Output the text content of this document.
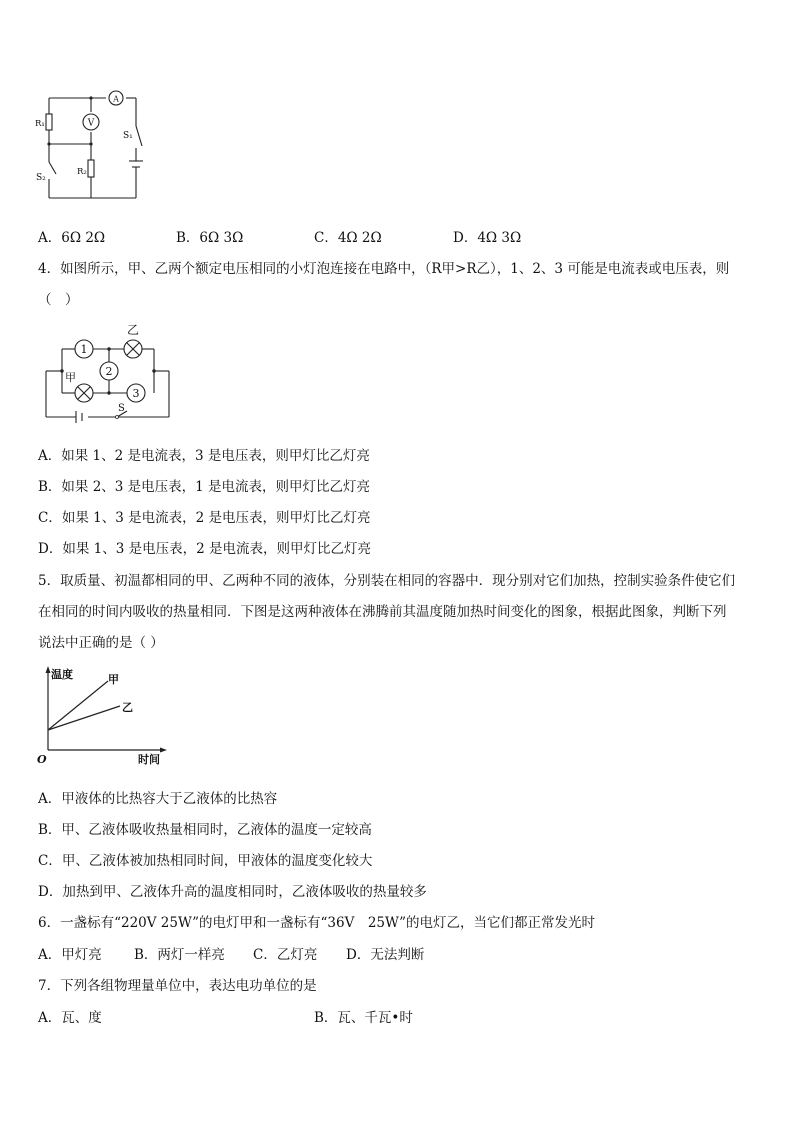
A
V
R₁
R₂
S₁
S₂
A．6Ω 2Ω	B．6Ω 3Ω	C．4Ω 2Ω	D．4Ω 3Ω
4．如图所示，甲、乙两个额定电压相同的小灯泡连接在电路中，（R甲>R乙），1、2、3 可能是电流表或电压表，则
（　）
1
2
3
乙
甲
S
A．如果 1、2 是电流表，3 是电压表，则甲灯比乙灯亮
B．如果 2、3 是电压表，1 是电流表，则甲灯比乙灯亮
C．如果 1、3 是电流表，2 是电压表，则甲灯比乙灯亮
D．如果 1、3 是电压表，2 是电流表，则甲灯比乙灯亮
5．取质量、初温都相同的甲、乙两种不同的液体，分别装在相同的容器中．现分别对它们加热，控制实验条件使它们
在相同的时间内吸收的热量相同．下图是这两种液体在沸腾前其温度随加热时间变化的图象，根据此图象，判断下列
说法中正确的是（ ）
温度
时间
O
甲
乙
A．甲液体的比热容大于乙液体的比热容
B．甲、乙液体吸收热量相同时，乙液体的温度一定较高
C．甲、乙液体被加热相同时间，甲液体的温度变化较大
D．加热到甲、乙液体升高的温度相同时，乙液体吸收的热量较多
6．一盏标有“220V 25W”的电灯甲和一盏标有“36V　25W”的电灯乙，当它们都正常发光时
A．甲灯亮 B．两灯一样亮 C．乙灯亮 D．无法判断
7．下列各组物理量单位中，表达电功单位的是
A．瓦、度	B．瓦、千瓦•时
